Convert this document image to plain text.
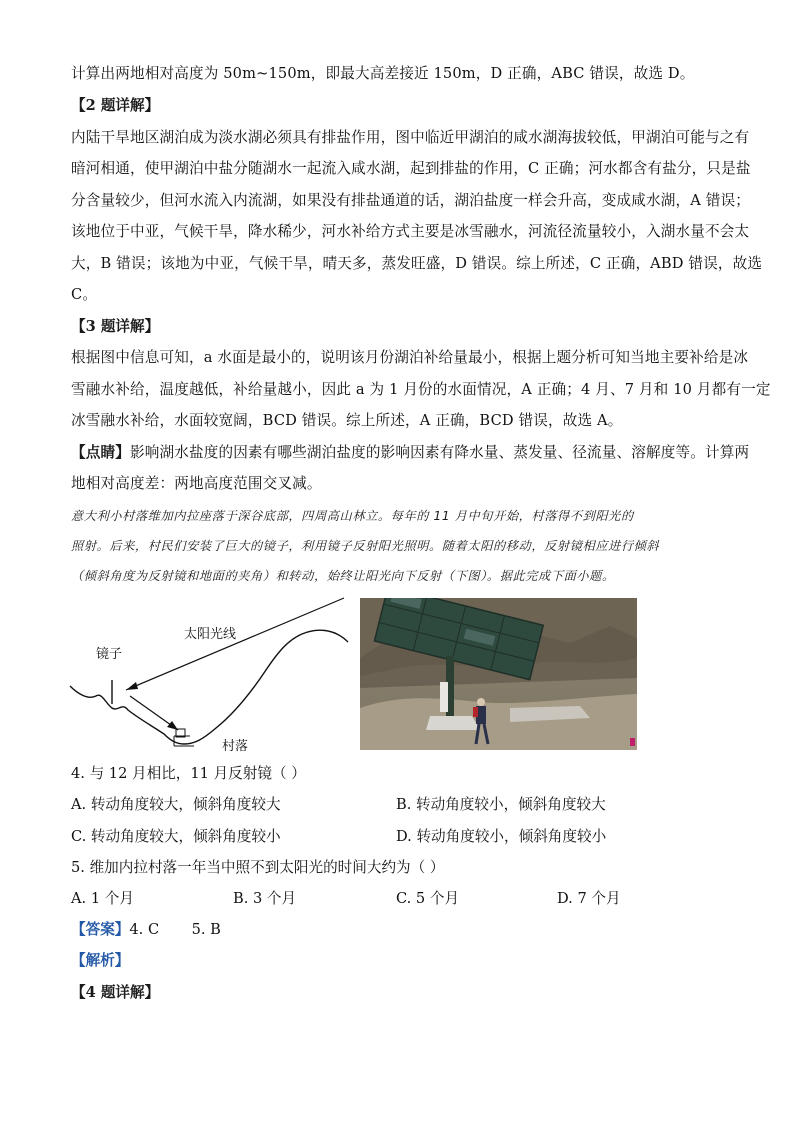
计算出两地相对高度为 50m~150m，即最大高差接近 150m，D 正确，ABC 错误，故选 D。
【2 题详解】
内陆干旱地区湖泊成为淡水湖必须具有排盐作用，图中临近甲湖泊的咸水湖海拔较低，甲湖泊可能与之有
暗河相通，使甲湖泊中盐分随湖水一起流入咸水湖，起到排盐的作用，C 正确；河水都含有盐分，只是盐
分含量较少，但河水流入内流湖，如果没有排盐通道的话，湖泊盐度一样会升高，变成咸水湖，A 错误；
该地位于中亚，气候干旱，降水稀少，河水补给方式主要是冰雪融水，河流径流量较小，入湖水量不会太
大，B 错误；该地为中亚，气候干旱，晴天多，蒸发旺盛，D 错误。综上所述，C 正确，ABD 错误，故选
C。
【3 题详解】
根据图中信息可知，a 水面是最小的，说明该月份湖泊补给量最小，根据上题分析可知当地主要补给是冰
雪融水补给，温度越低，补给量越小，因此 a 为 1 月份的水面情况，A 正确；4 月、7 月和 10 月都有一定
冰雪融水补给，水面较宽阔，BCD 错误。综上所述，A 正确，BCD 错误，故选 A。
【点睛】影响湖水盐度的因素有哪些湖泊盐度的影响因素有降水量、蒸发量、径流量、溶解度等。计算两
地相对高度差：两地高度范围交叉减。
意大利小村落维加内拉座落于深谷底部，四周高山林立。每年的 11 月中旬开始，村落得不到阳光的
照射。后来，村民们安装了巨大的镜子，利用镜子反射阳光照明。随着太阳的移动，反射镜相应进行倾斜
（倾斜角度为反射镜和地面的夹角）和转动，始终让阳光向下反射（下图）。据此完成下面小题。
太阳光线
镜子
村落
4. 与 12 月相比，11 月反射镜（ ）
A. 转动角度较大，倾斜角度较大	B. 转动角度较小，倾斜角度较大
C. 转动角度较大，倾斜角度较小	D. 转动角度较小，倾斜角度较小
5. 维加内拉村落一年当中照不到太阳光的时间大约为（ ）
A. 1 个月	B. 3 个月	C. 5 个月	D. 7 个月
【答案】4. C       5. B
【解析】
【4 题详解】
